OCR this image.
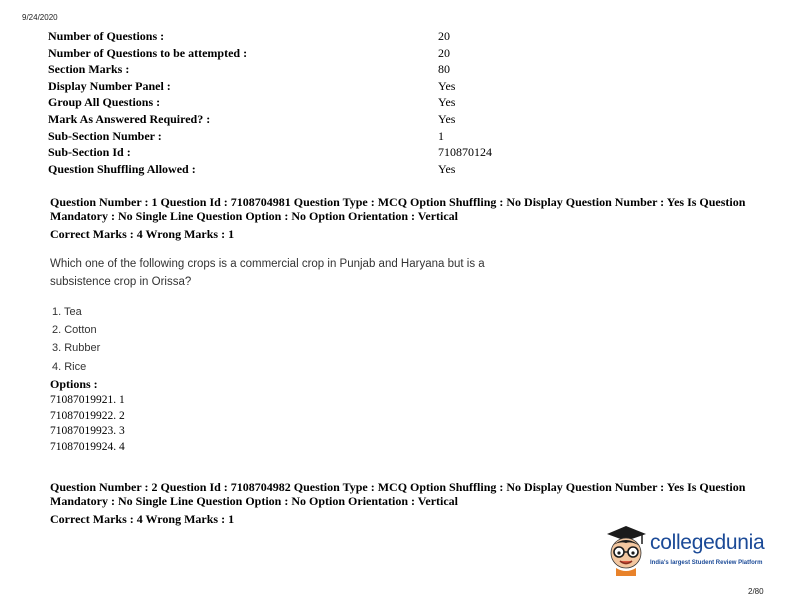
9/24/2020
Number of Questions :	20
Number of Questions to be attempted :	20
Section Marks :	80
Display Number Panel :	Yes
Group All Questions :	Yes
Mark As Answered Required? :	Yes
Sub-Section Number :	1
Sub-Section Id :	710870124
Question Shuffling Allowed :	Yes
Question Number : 1 Question Id : 7108704981 Question Type : MCQ Option Shuffling : No Display Question Number : Yes Is Question Mandatory : No Single Line Question Option : No Option Orientation : Vertical
Correct Marks : 4 Wrong Marks : 1
Which one of the following crops is a commercial crop in Punjab and Haryana but is a subsistence crop in Orissa?
1. Tea
2. Cotton
3. Rubber
4. Rice
Options :
71087019921. 1
71087019922. 2
71087019923. 3
71087019924. 4
Question Number : 2 Question Id : 7108704982 Question Type : MCQ Option Shuffling : No Display Question Number : Yes Is Question Mandatory : No Single Line Question Option : No Option Orientation : Vertical
Correct Marks : 4 Wrong Marks : 1
collegedunia
India's largest Student Review Platform
2/80
